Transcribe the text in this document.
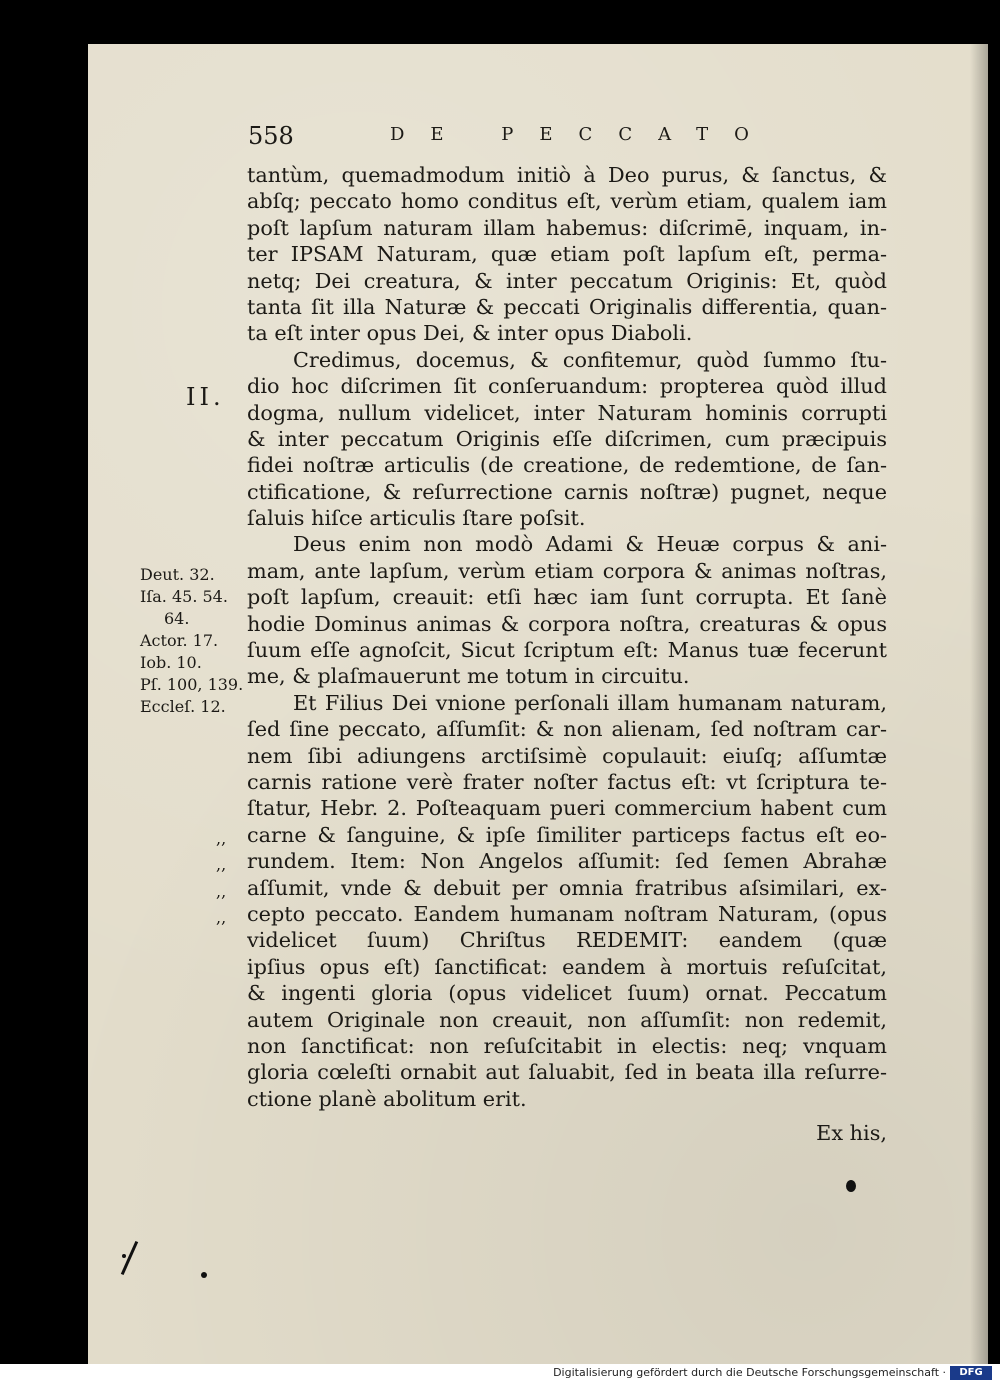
558	DE PECCATO
II.
Deut. 32.
Iſa. 45. 54.
64.
Actor. 17.
Iob. 10.
Pſ. 100, 139.
Eccleſ. 12.
,,
,,
,,
,,
tantùm, quemadmodum initiò à Deo purus, & ſanctus, &
abſq; peccato homo conditus eſt, verùm etiam, qualem iam
poſt lapſum naturam illam habemus: diſcrimē, inquam, in-
ter IPSAM Naturam, quæ etiam poſt lapſum eſt, perma-
netq; Dei creatura, & inter peccatum Originis: Et, quòd
tanta ſit illa Naturæ & peccati Originalis differentia, quan-
ta eſt inter opus Dei, & inter opus Diaboli.
Credimus, docemus, & confitemur, quòd ſummo ſtu-
dio hoc diſcrimen ſit conſeruandum: propterea quòd illud
dogma, nullum videlicet, inter Naturam hominis corrupti
& inter peccatum Originis eſſe diſcrimen, cum præcipuis
fidei noſtræ articulis (de creatione, de redemtione, de ſan-
ctificatione, & reſurrectione carnis noſtræ) pugnet, neque
ſaluis hiſce articulis ſtare poſsit.
Deus enim non modò Adami & Heuæ corpus & ani-
mam, ante lapſum, verùm etiam corpora & animas noſtras,
poſt lapſum, creauit: etſi hæc iam ſunt corrupta. Et ſanè
hodie Dominus animas & corpora noſtra, creaturas & opus
ſuum eſſe agnoſcit, Sicut ſcriptum eſt: Manus tuæ fecerunt
me, & plaſmauerunt me totum in circuitu.
Et Filius Dei vnione perſonali illam humanam naturam,
ſed ſine peccato, aſſumſit: & non alienam, ſed noſtram car-
nem ſibi adiungens arctiſsimè copulauit: eiuſq; aſſumtæ
carnis ratione verè frater noſter factus eſt: vt ſcriptura te-
ſtatur, Hebr. 2. Poſteaquam pueri commercium habent cum
carne & ſanguine, & ipſe ſimiliter particeps factus eſt eo-
rundem. Item: Non Angelos aſſumit: ſed ſemen Abrahæ
aſſumit, vnde & debuit per omnia fratribus aſsimilari, ex-
cepto peccato. Eandem humanam noſtram Naturam, (opus
videlicet ſuum) Chriſtus REDEMIT: eandem (quæ
ipſius opus eſt) ſanctificat: eandem à mortuis reſuſcitat,
& ingenti gloria (opus videlicet ſuum) ornat. Peccatum
autem Originale non creauit, non aſſumſit: non redemit,
non ſanctificat: non reſuſcitabit in electis: neq; vnquam
gloria cœleſti ornabit aut ſaluabit, ſed in beata illa reſurre-
ctione planè abolitum erit.
Ex his,
Digitalisierung gefördert durch die Deutsche Forschungsgemeinschaft ·	DFG
